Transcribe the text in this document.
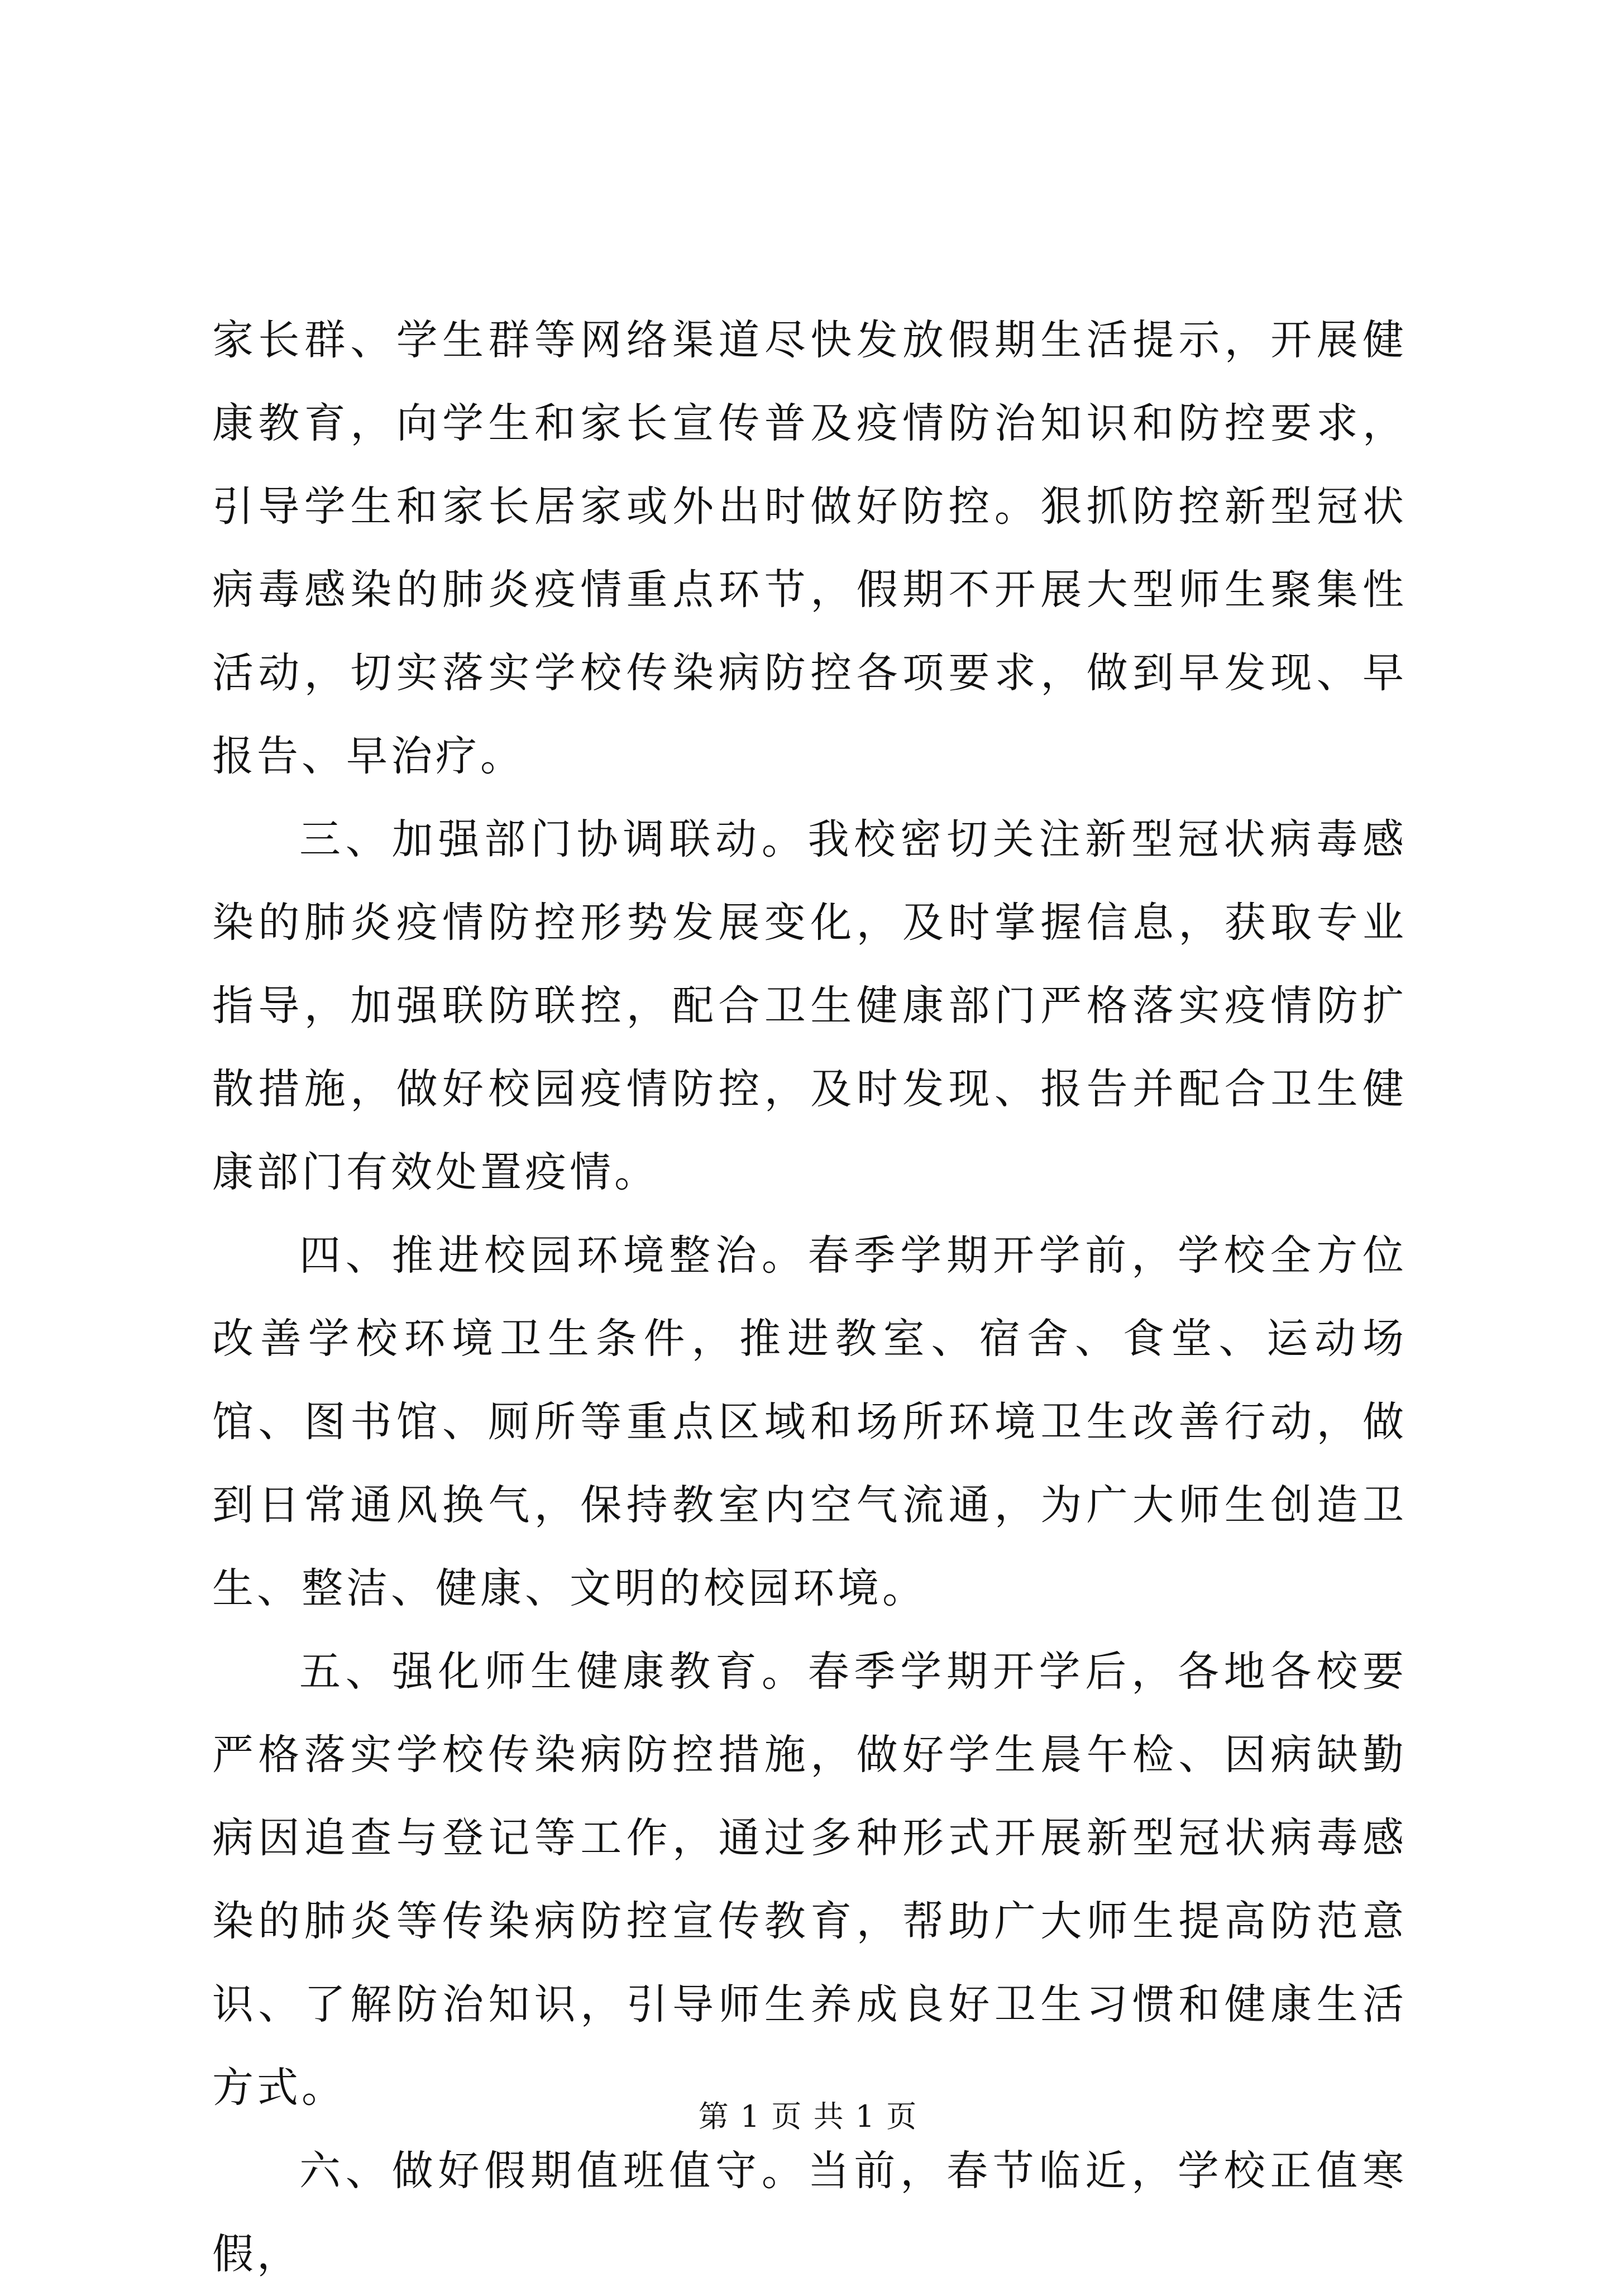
家长群、学生群等网络渠道尽快发放假期生活提示，开展健康教育，向学生和家长宣传普及疫情防治知识和防控要求，引导学生和家长居家或外出时做好防控。狠抓防控新型冠状病毒感染的肺炎疫情重点环节，假期不开展大型师生聚集性活动，切实落实学校传染病防控各项要求，做到早发现、早报告、早治疗。

三、加强部门协调联动。我校密切关注新型冠状病毒感染的肺炎疫情防控形势发展变化，及时掌握信息，获取专业指导，加强联防联控，配合卫生健康部门严格落实疫情防扩散措施，做好校园疫情防控，及时发现、报告并配合卫生健康部门有效处置疫情。

四、推进校园环境整治。春季学期开学前，学校全方位改善学校环境卫生条件，推进教室、宿舍、食堂、运动场馆、图书馆、厕所等重点区域和场所环境卫生改善行动，做到日常通风换气，保持教室内空气流通，为广大师生创造卫生、整洁、健康、文明的校园环境。

五、强化师生健康教育。春季学期开学后，各地各校要严格落实学校传染病防控措施，做好学生晨午检、因病缺勤病因追查与登记等工作，通过多种形式开展新型冠状病毒感染的肺炎等传染病防控宣传教育，帮助广大师生提高防范意识、了解防治知识，引导师生养成良好卫生习惯和健康生活方式。

六、做好假期值班值守。当前，春节临近，学校正值寒假，

第 1 页 共 1 页
